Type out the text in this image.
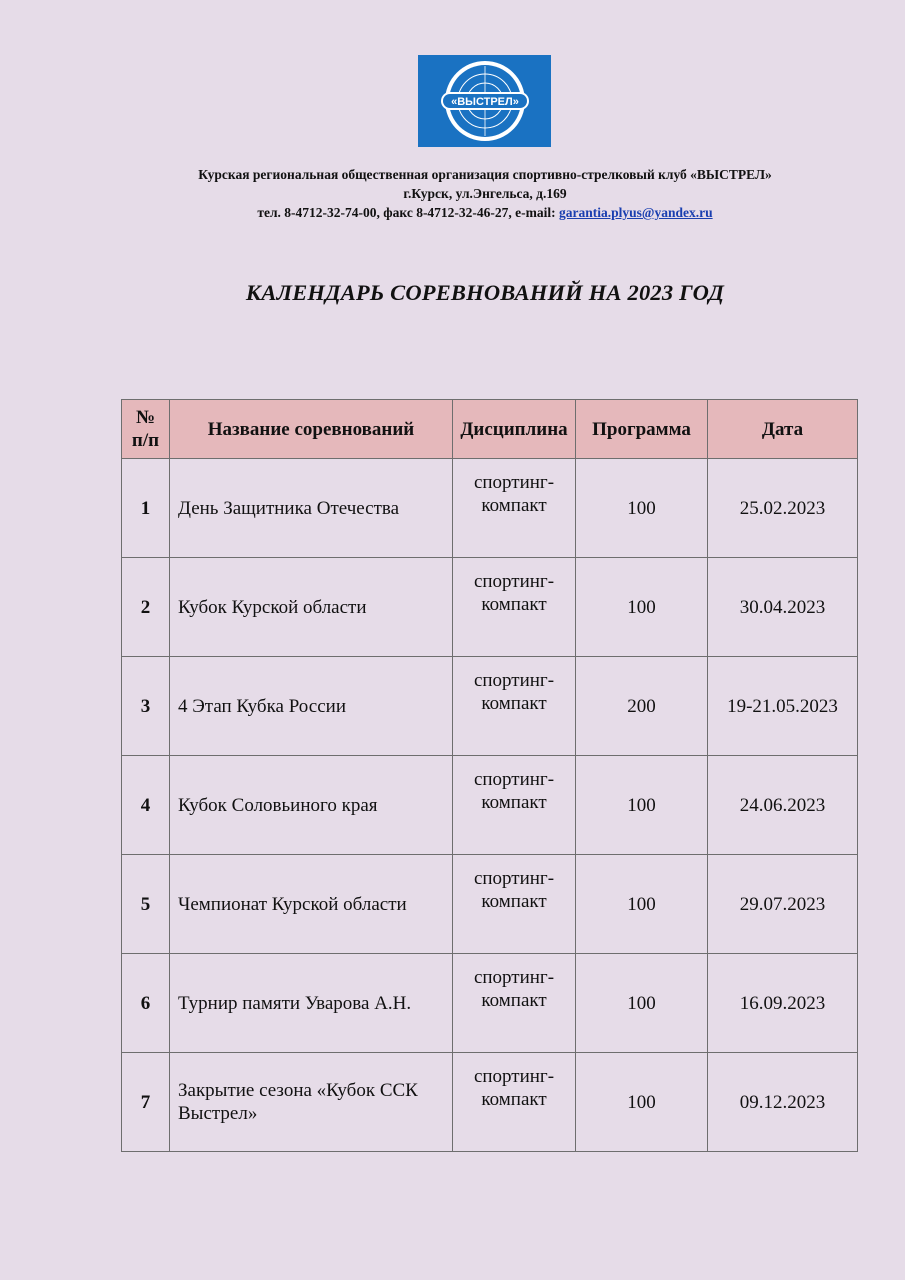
«ВЫСТРЕЛ»
Курская региональная общественная организация спортивно-стрелковый клуб «ВЫСТРЕЛ»
г.Курск, ул.Энгельса, д.169
тел. 8-4712-32-74-00, факс 8-4712-32-46-27, e-mail: garantia.plyus@yandex.ru
КАЛЕНДАРЬ СОРЕВНОВАНИЙ НА 2023 ГОД
№ п/п	Название соревнований	Дисциплина	Программа	Дата
1	День Защитника Отечества	спортинг-компакт	100	25.02.2023
2	Кубок Курской области	спортинг-компакт	100	30.04.2023
3	4 Этап Кубка России	спортинг-компакт	200	19-21.05.2023
4	Кубок Соловьиного края	спортинг-компакт	100	24.06.2023
5	Чемпионат Курской области	спортинг-компакт	100	29.07.2023
6	Турнир памяти Уварова А.Н.	спортинг-компакт	100	16.09.2023
7	Закрытие сезона «Кубок ССК Выстрел»	спортинг-компакт	100	09.12.2023
